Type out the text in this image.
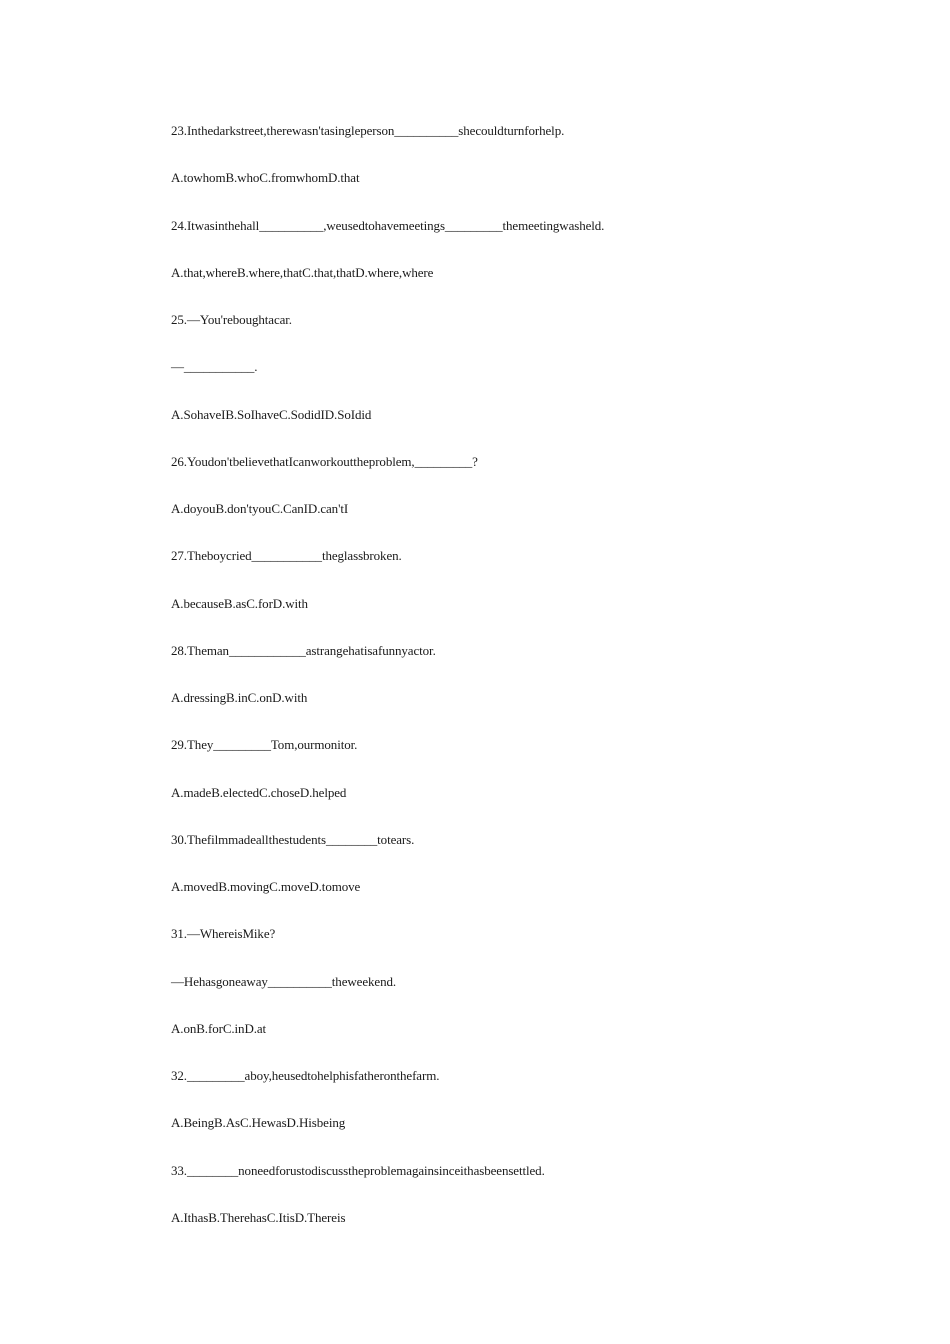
23.Inthedarkstreet,therewasn'tasingleperson__________shecouldturnforhelp.
A.towhomB.whoC.fromwhomD.that
24.Itwasinthehall__________,weusedtohavemeetings_________themeetingwasheld.
A.that,whereB.where,thatC.that,thatD.where,where
25.—You'reboughtacar.
—___________.
A.SohaveIB.SoIhaveC.SodidID.SoIdid
26.Youdon'tbelievethatIcanworkouttheproblem,_________?
A.doyouB.don'tyouC.CanID.can'tI
27.Theboycried___________theglassbroken.
A.becauseB.asC.forD.with
28.Theman____________astrangehatisafunnyactor.
A.dressingB.inC.onD.with
29.They_________Tom,ourmonitor.
A.madeB.electedC.choseD.helped
30.Thefilmmadeallthestudents________totears.
A.movedB.movingC.moveD.tomove
31.—WhereisMike?
—Hehasgoneaway__________theweekend.
A.onB.forC.inD.at
32._________aboy,heusedtohelphisfatheronthefarm.
A.BeingB.AsC.HewasD.Hisbeing
33.________noneedforustodiscusstheproblemagainsinceithasbeensettled.
A.IthasB.TherehasC.ItisD.Thereis
